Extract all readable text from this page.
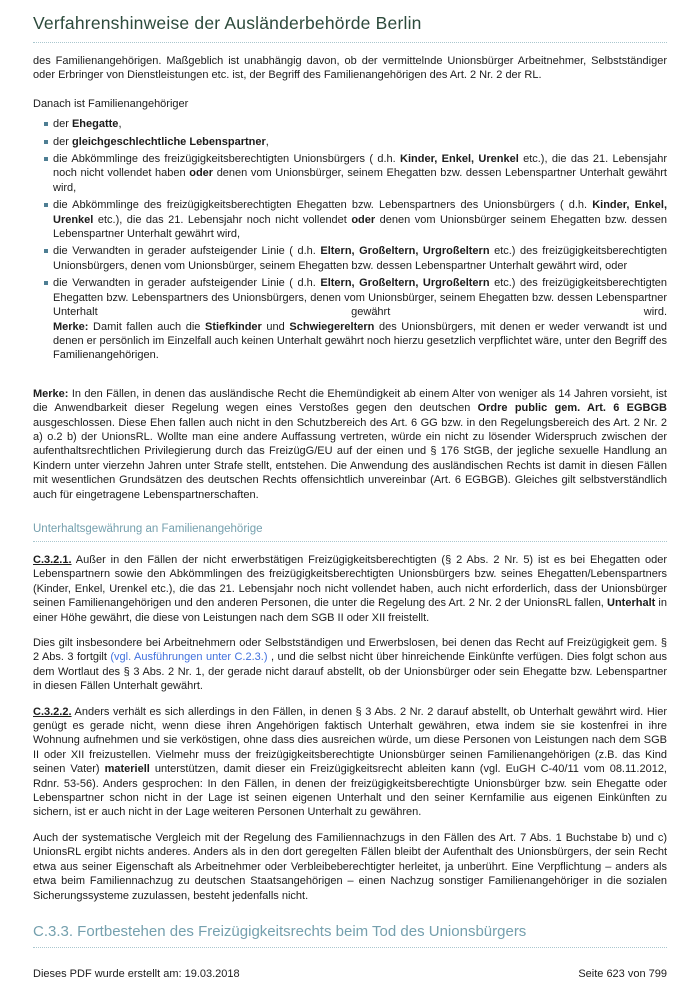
Verfahrenshinweise der Ausländerbehörde Berlin

des Familienangehörigen. Maßgeblich ist unabhängig davon, ob der vermittelnde Unionsbürger Arbeitnehmer, Selbstständiger oder Erbringer von Dienstleistungen etc. ist, der Begriff des Familienangehörigen des Art. 2 Nr. 2 der RL.

Danach ist Familienangehöriger

der Ehegatte,
der gleichgeschlechtliche Lebenspartner,
die Abkömmlinge des freizügigkeitsberechtigten Unionsbürgers ( d.h. Kinder, Enkel, Urenkel etc.), die das 21. Lebensjahr noch nicht vollendet haben oder denen vom Unionsbürger, seinem Ehegatten bzw. dessen Lebenspartner Unterhalt gewährt wird,
die Abkömmlinge des freizügigkeitsberechtigten Ehegatten bzw. Lebenspartners des Unionsbürgers ( d.h. Kinder, Enkel, Urenkel etc.), die das 21. Lebensjahr noch nicht vollendet oder denen vom Unionsbürger seinem Ehegatten bzw. dessen Lebenspartner Unterhalt gewährt wird,
die Verwandten in gerader aufsteigender Linie ( d.h. Eltern, Großeltern, Urgroßeltern etc.) des freizügigkeitsberechtigten Unionsbürgers, denen vom Unionsbürger, seinem Ehegatten bzw. dessen Lebenspartner Unterhalt gewährt wird, oder
die Verwandten in gerader aufsteigender Linie ( d.h. Eltern, Großeltern, Urgroßeltern etc.) des freizügigkeitsberechtigten Ehegatten bzw. Lebenspartners des Unionsbürgers, denen vom Unionsbürger, seinem Ehegatten bzw. dessen Lebenspartner Unterhalt gewährt wird.
Merke: Damit fallen auch die Stiefkinder und Schwiegereltern des Unionsbürgers, mit denen er weder verwandt ist und denen er persönlich im Einzelfall auch keinen Unterhalt gewährt noch hierzu gesetzlich verpflichtet wäre, unter den Begriff des Familienangehörigen.

Merke: In den Fällen, in denen das ausländische Recht die Ehemündigkeit ab einem Alter von weniger als 14 Jahren vorsieht, ist die Anwendbarkeit dieser Regelung wegen eines Verstoßes gegen den deutschen Ordre public gem. Art. 6 EGBGB ausgeschlossen. Diese Ehen fallen auch nicht in den Schutzbereich des Art. 6 GG bzw. in den Regelungsbereich des Art. 2 Nr. 2 a) o.2 b) der UnionsRL. Wollte man eine andere Auffassung vertreten, würde ein nicht zu lösender Widerspruch zwischen der aufenthaltsrechtlichen Privilegierung durch das FreizügG/EU auf der einen und § 176 StGB, der jegliche sexuelle Handlung an Kindern unter vierzehn Jahren unter Strafe stellt, entstehen. Die Anwendung des ausländischen Rechts ist damit in diesen Fällen mit wesentlichen Grundsätzen des deutschen Rechts offensichtlich unvereinbar (Art. 6 EGBGB). Gleiches gilt selbstverständlich auch für eingetragene Lebenspartnerschaften.

Unterhaltsgewährung an Familienangehörige

C.3.2.1. Außer in den Fällen der nicht erwerbstätigen Freizügigkeitsberechtigten (§ 2 Abs. 2 Nr. 5) ist es bei Ehegatten oder Lebenspartnern sowie den Abkömmlingen des freizügigkeitsberechtigten Unionsbürgers bzw. seines Ehegatten/Lebenspartners (Kinder, Enkel, Urenkel etc.), die das 21. Lebensjahr noch nicht vollendet haben, auch nicht erforderlich, dass der Unionsbürger seinen Familienangehörigen und den anderen Personen, die unter die Regelung des Art. 2 Nr. 2 der UnionsRL fallen, Unterhalt in einer Höhe gewährt, die diese von Leistungen nach dem SGB II oder XII freistellt.

Dies gilt insbesondere bei Arbeitnehmern oder Selbstständigen und Erwerbslosen, bei denen das Recht auf Freizügigkeit gem. § 2 Abs. 3 fortgilt (vgl. Ausführungen unter C.2.3.) , und die selbst nicht über hinreichende Einkünfte verfügen. Dies folgt schon aus dem Wortlaut des § 3 Abs. 2 Nr. 1, der gerade nicht darauf abstellt, ob der Unionsbürger oder sein Ehegatte bzw. Lebenspartner in diesen Fällen Unterhalt gewährt.

C.3.2.2. Anders verhält es sich allerdings in den Fällen, in denen § 3 Abs. 2 Nr. 2 darauf abstellt, ob Unterhalt gewährt wird. Hier genügt es gerade nicht, wenn diese ihren Angehörigen faktisch Unterhalt gewähren, etwa indem sie sie kostenfrei in ihre Wohnung aufnehmen und sie verköstigen, ohne dass dies ausreichen würde, um diese Personen von Leistungen nach dem SGB II oder XII freizustellen. Vielmehr muss der freizügigkeitsberechtigte Unionsbürger seinen Familienangehörigen (z.B. das Kind seinen Vater) materiell unterstützen, damit dieser ein Freizügigkeitsrecht ableiten kann (vgl. EuGH C-40/11 vom 08.11.2012, Rdnr. 53-56). Anders gesprochen: In den Fällen, in denen der freizügigkeitsberechtigte Unionsbürger bzw. sein Ehegatte oder Lebenspartner schon nicht in der Lage ist seinen eigenen Unterhalt und den seiner Kernfamilie aus eigenen Einkünften zu sichern, ist er auch nicht in der Lage weiteren Personen Unterhalt zu gewähren.

Auch der systematische Vergleich mit der Regelung des Familiennachzugs in den Fällen des Art. 7 Abs. 1 Buchstabe b) und c) UnionsRL ergibt nichts anderes. Anders als in den dort geregelten Fällen bleibt der Aufenthalt des Unionsbürgers, der sein Recht etwa aus seiner Eigenschaft als Arbeitnehmer oder Verbleibeberechtigter herleitet, ja unberührt. Eine Verpflichtung – anders als etwa beim Familiennachzug zu deutschen Staatsangehörigen – einen Nachzug sonstiger Familienangehöriger in die sozialen Sicherungssysteme zuzulassen, besteht jedenfalls nicht.

C.3.3. Fortbestehen des Freizügigkeitsrechts beim Tod des Unionsbürgers
Dieses PDF wurde erstellt am: 19.03.2018	Seite 623 von 799
